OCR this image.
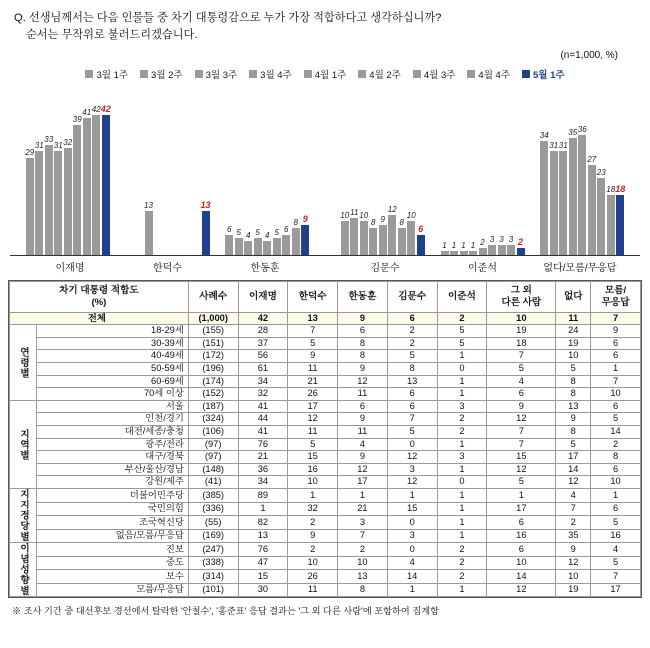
Q. 선생님께서는 다음 인물들 중 차기 대통령감으로 누가 가장 적합하다고 생각하십니까?
순서는 무작위로 불러드리겠습니다.
(n=1,000, %)
3월 1주 3월 2주 3월 3주 3월 4주 4월 1주 4월 2주 4월 3주 4월 4주 5월 1주
29
31
33
31 32
39
41 42 42
13	13
6 5 4 5 4 5 6
8 9	10 11 10
8 9
12
8
10
6
1 1 1 1 2 3 3 3 2
34
31 31
35 36
27
23
18 18
이재명	한덕수	한동훈	김문수	이준석	없다/모름/무응답
차기 대통령 적합도
(%)
	사례수	이재명	한덕수	한동훈	김문수	이준석	
그 외
다른 사람
	없다	
모름/
무응답

전체		(1,000)	42	13	9	6	2	10	11	7
연령별	18-29세	(155)	28	7	6	2	5	19	24	9
	30-39세	(151)	37	5	8	2	5	18	19	6
	40-49세	(172)	56	9	8	5	1	7	10	6
	50-59세	(196)	61	11	9	8	0	5	5	1
	60-69세	(174)	34	21	12	13	1	4	8	7
	70세 이상	(152)	32	26	11	6	1	6	8	10
지역별	서울	(187)	41	17	6	6	3	9	13	6
	인천/경기	(324)	44	12	9	7	2	12	9	5
	대전/세종/충청	(106)	41	11	11	5	2	7	8	14
	광주/전라	(97)	76	5	4	0	1	7	5	2
	대구/경북	(97)	21	15	9	12	3	15	17	8
	부산/울산/경남	(148)	36	16	12	3	1	12	14	6
	강원/제주	(41)	34	10	17	12	0	5	12	10
지지정당별	더불어민주당	(385)	89	1	1	1	1	1	4	1
	국민의힘	(336)	1	32	21	15	1	17	7	6
	조국혁신당	(55)	82	2	3	0	1	6	2	5
	없음/모름/무응답	(169)	13	9	7	3	1	16	35	16
이념성향별	진보	(247)	76	2	2	0	2	6	9	4
	중도	(338)	47	10	10	4	2	10	12	5
	보수	(314)	15	26	13	14	2	14	10	7
	모름/무응답	(101)	30	11	8	1	1	12	19	17
※ 조사 기간 중 대선후보 경선에서 탈락한 '안철수', '홍준표' 응답 결과는 '그 외 다른 사람'에 포함하여 집계함
